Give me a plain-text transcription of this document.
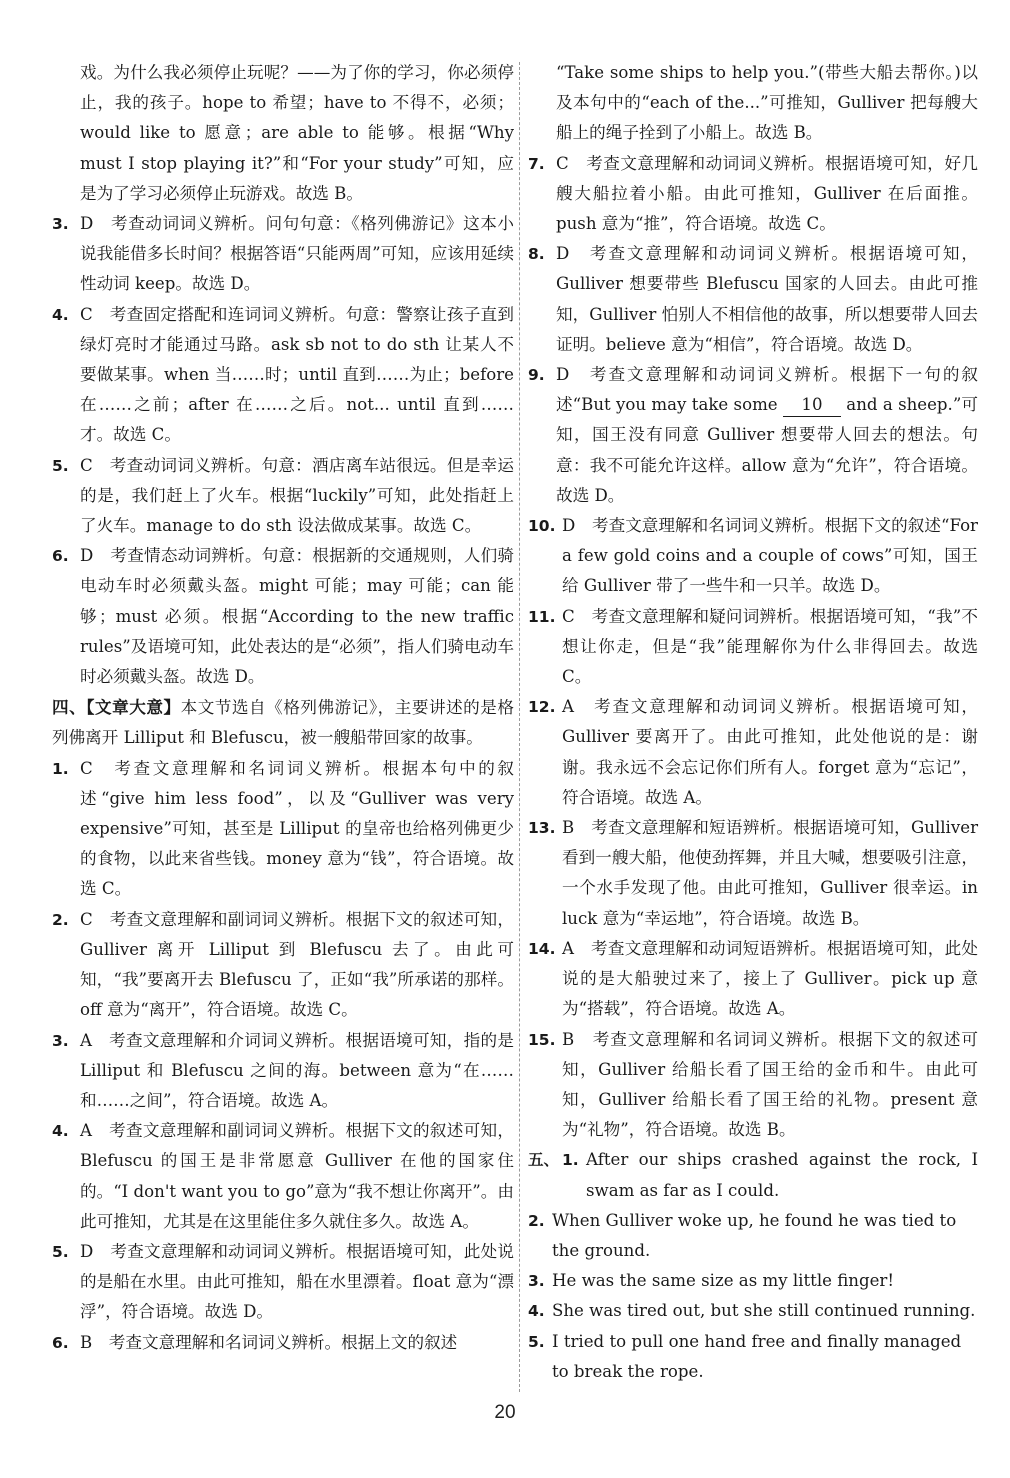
戏。为什么我必须停止玩呢？——为了你的学习，你必须停止，我的孩子。hope to 希望；have to 不得不，必须；would like to 愿意；are able to 能够。根据“Why must I stop playing it?”和“For your study”可知，应是为了学习必须停止玩游戏。故选 B。

3. D　考查动词词义辨析。问句句意：《格列佛游记》这本小说我能借多长时间？根据答语“只能两周”可知，应该用延续性动词 keep。故选 D。
4. C　考查固定搭配和连词词义辨析。句意：警察让孩子直到绿灯亮时才能通过马路。ask sb not to do sth 让某人不要做某事。when 当……时；until 直到……为止；before 在……之前；after 在……之后。not... until 直到……才。故选 C。
5. C　考查动词词义辨析。句意：酒店离车站很远。但是幸运的是，我们赶上了火车。根据“luckily”可知，此处指赶上了火车。manage to do sth 设法做成某事。故选 C。
6. D　考查情态动词辨析。句意：根据新的交通规则，人们骑电动车时必须戴头盔。might 可能；may 可能；can 能够；must 必须。根据“According to the new traffic rules”及语境可知，此处表达的是“必须”，指人们骑电动车时必须戴头盔。故选 D。

四、【文章大意】本文节选自《格列佛游记》，主要讲述的是格列佛离开 Lilliput 和 Blefuscu，被一艘船带回家的故事。

1. C　考查文意理解和名词词义辨析。根据本句中的叙述“give him less food”，以及“Gulliver was very expensive”可知，甚至是 Lilliput 的皇帝也给格列佛更少的食物，以此来省些钱。money 意为“钱”，符合语境。故选 C。
2. C　考查文意理解和副词词义辨析。根据下文的叙述可知，Gulliver 离开 Lilliput 到 Blefuscu 去了。由此可知，“我”要离开去 Blefuscu 了，正如“我”所承诺的那样。off 意为“离开”，符合语境。故选 C。
3. A　考查文意理解和介词词义辨析。根据语境可知，指的是 Lilliput 和 Blefuscu 之间的海。between 意为“在……和……之间”，符合语境。故选 A。
4. A　考查文意理解和副词词义辨析。根据下文的叙述可知，Blefuscu 的国王是非常愿意 Gulliver 在他的国家住的。“I don't want you to go”意为“我不想让你离开”。由此可推知，尤其是在这里能住多久就住多久。故选 A。
5. D　考查文意理解和动词词义辨析。根据语境可知，此处说的是船在水里。由此可推知，船在水里漂着。float 意为“漂浮”，符合语境。故选 D。
6. B　考查文意理解和名词词义辨析。根据上文的叙述

“Take some ships to help you.”(带些大船去帮你。)以及本句中的“each of the...”可推知，Gulliver 把每艘大船上的绳子拴到了小船上。故选 B。

7. C　考查文意理解和动词词义辨析。根据语境可知，好几艘大船拉着小船。由此可推知，Gulliver 在后面推。push 意为“推”，符合语境。故选 C。
8. D　考查文意理解和动词词义辨析。根据语境可知，Gulliver 想要带些 Blefuscu 国家的人回去。由此可推知，Gulliver 怕别人不相信他的故事，所以想要带人回去证明。believe 意为“相信”，符合语境。故选 D。
9. D　考查文意理解和动词词义辨析。根据下一句的叙述“But you may take some 10 and a sheep.”可知，国王没有同意 Gulliver 想要带人回去的想法。句意：我不可能允许这样。allow 意为“允许”，符合语境。故选 D。
10. D　考查文意理解和名词词义辨析。根据下文的叙述“For a few gold coins and a couple of cows”可知，国王给 Gulliver 带了一些牛和一只羊。故选 D。
11. C　考查文意理解和疑问词辨析。根据语境可知，“我”不想让你走，但是“我”能理解你为什么非得回去。故选 C。
12. A　考查文意理解和动词词义辨析。根据语境可知，Gulliver 要离开了。由此可推知，此处他说的是：谢谢。我永远不会忘记你们所有人。forget 意为“忘记”，符合语境。故选 A。
13. B　考查文意理解和短语辨析。根据语境可知，Gulliver 看到一艘大船，他使劲挥舞，并且大喊，想要吸引注意，一个水手发现了他。由此可推知，Gulliver 很幸运。in luck 意为“幸运地”，符合语境。故选 B。
14. A　考查文意理解和动词短语辨析。根据语境可知，此处说的是大船驶过来了，接上了 Gulliver。pick up 意为“搭载”，符合语境。故选 A。
15. B　考查文意理解和名词词义辨析。根据下文的叙述可知，Gulliver 给船长看了国王给的金币和牛。由此可知，Gulliver 给船长看了国王给的礼物。present 意为“礼物”，符合语境。故选 B。
五、 1. After our ships crashed against the rock, I swam as far as I could.
2. When Gulliver woke up, he found he was tied to the ground.
3. He was the same size as my little finger!
4. She was tired out, but she still continued running.
5. I tried to pull one hand free and finally managed to break the rope.
20
